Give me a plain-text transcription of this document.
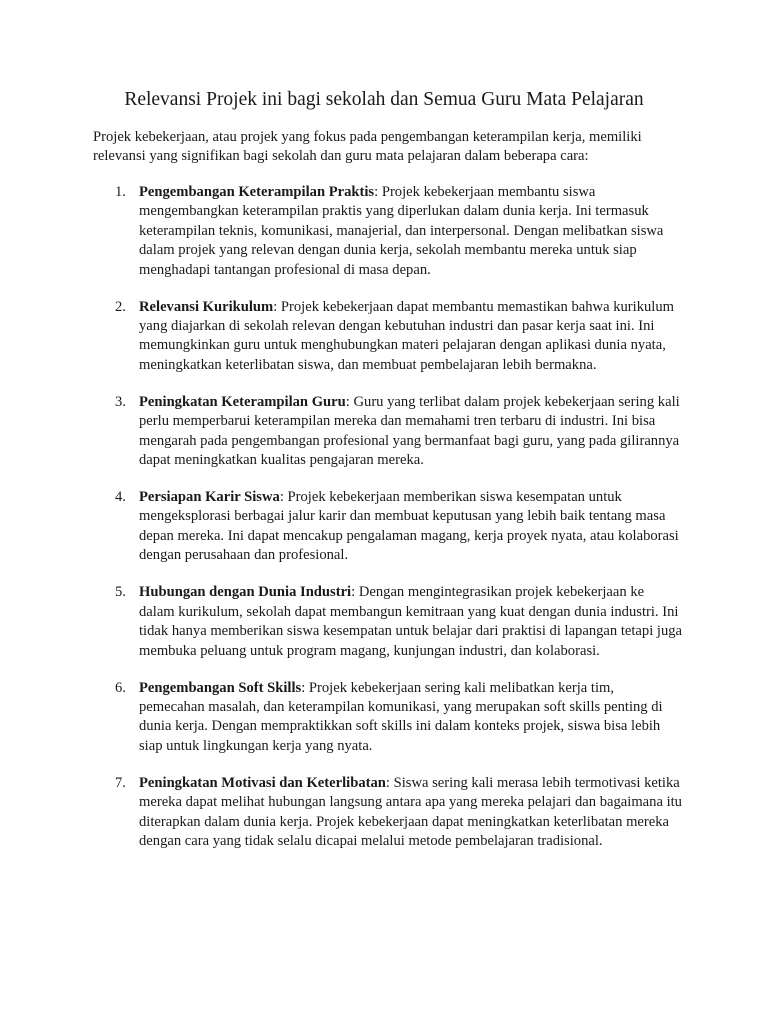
Relevansi Projek ini bagi sekolah dan Semua Guru Mata Pelajaran

Projek kebekerjaan, atau projek yang fokus pada pengembangan keterampilan kerja, memiliki relevansi yang signifikan bagi sekolah dan guru mata pelajaran dalam beberapa cara:

1. Pengembangan Keterampilan Praktis: Projek kebekerjaan membantu siswa mengembangkan keterampilan praktis yang diperlukan dalam dunia kerja. Ini termasuk keterampilan teknis, komunikasi, manajerial, dan interpersonal. Dengan melibatkan siswa dalam projek yang relevan dengan dunia kerja, sekolah membantu mereka untuk siap menghadapi tantangan profesional di masa depan.
2. Relevansi Kurikulum: Projek kebekerjaan dapat membantu memastikan bahwa kurikulum yang diajarkan di sekolah relevan dengan kebutuhan industri dan pasar kerja saat ini. Ini memungkinkan guru untuk menghubungkan materi pelajaran dengan aplikasi dunia nyata, meningkatkan keterlibatan siswa, dan membuat pembelajaran lebih bermakna.
3. Peningkatan Keterampilan Guru: Guru yang terlibat dalam projek kebekerjaan sering kali perlu memperbarui keterampilan mereka dan memahami tren terbaru di industri. Ini bisa mengarah pada pengembangan profesional yang bermanfaat bagi guru, yang pada gilirannya dapat meningkatkan kualitas pengajaran mereka.
4. Persiapan Karir Siswa: Projek kebekerjaan memberikan siswa kesempatan untuk mengeksplorasi berbagai jalur karir dan membuat keputusan yang lebih baik tentang masa depan mereka. Ini dapat mencakup pengalaman magang, kerja proyek nyata, atau kolaborasi dengan perusahaan dan profesional.
5. Hubungan dengan Dunia Industri: Dengan mengintegrasikan projek kebekerjaan ke dalam kurikulum, sekolah dapat membangun kemitraan yang kuat dengan dunia industri. Ini tidak hanya memberikan siswa kesempatan untuk belajar dari praktisi di lapangan tetapi juga membuka peluang untuk program magang, kunjungan industri, dan kolaborasi.
6. Pengembangan Soft Skills: Projek kebekerjaan sering kali melibatkan kerja tim, pemecahan masalah, dan keterampilan komunikasi, yang merupakan soft skills penting di dunia kerja. Dengan mempraktikkan soft skills ini dalam konteks projek, siswa bisa lebih siap untuk lingkungan kerja yang nyata.
7. Peningkatan Motivasi dan Keterlibatan: Siswa sering kali merasa lebih termotivasi ketika mereka dapat melihat hubungan langsung antara apa yang mereka pelajari dan bagaimana itu diterapkan dalam dunia kerja. Projek kebekerjaan dapat meningkatkan keterlibatan mereka dengan cara yang tidak selalu dicapai melalui metode pembelajaran tradisional.
